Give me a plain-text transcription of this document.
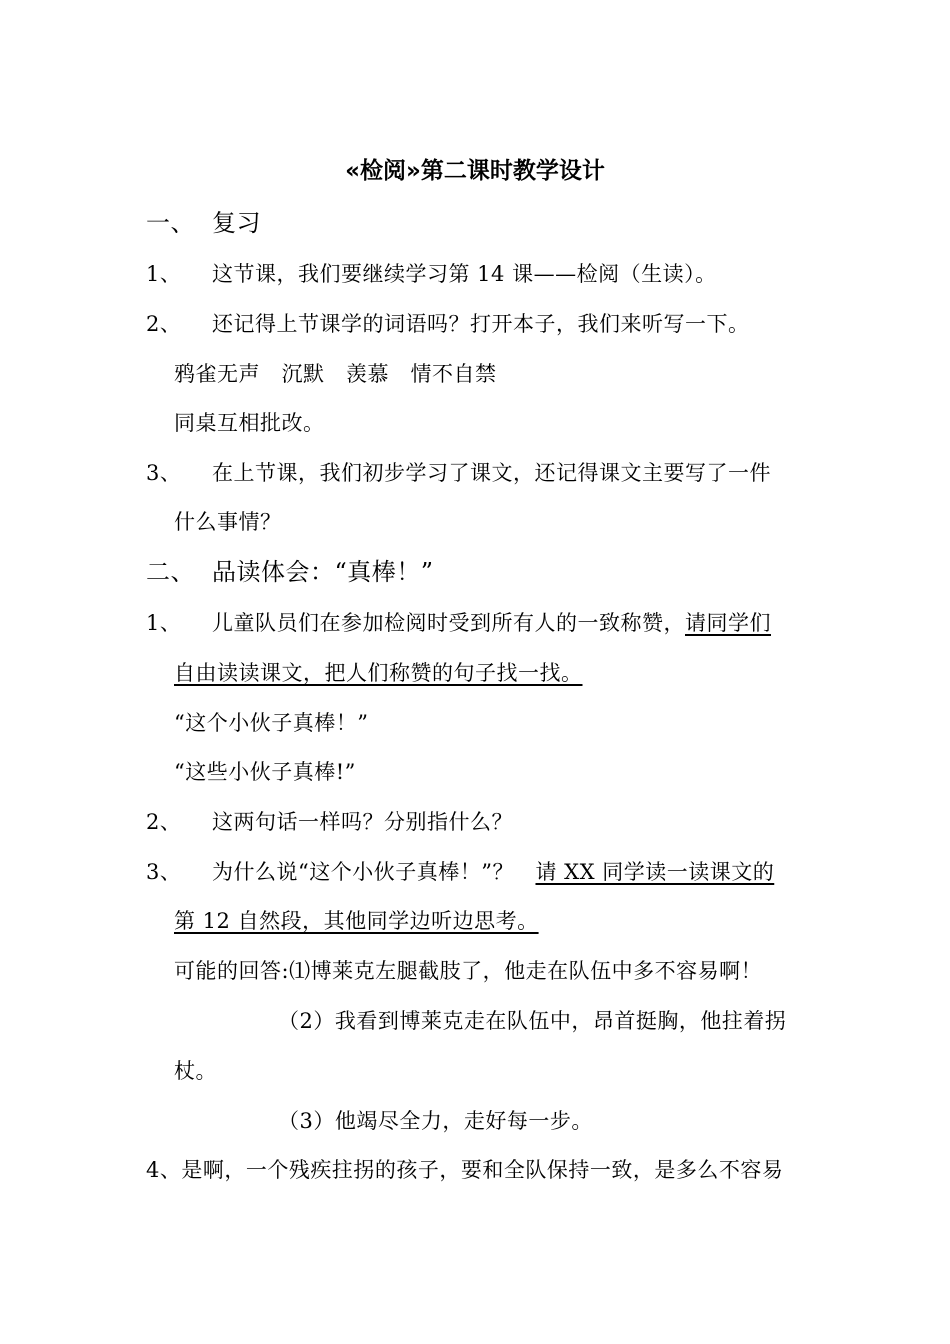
«检阅»第二课时教学设计
一、 复习
1、 这节课，我们要继续学习第 14 课——检阅（生读）。
2、 还记得上节课学的词语吗？打开本子，我们来听写一下。
鸦雀无声　沉默　羡慕　情不自禁
同桌互相批改。
3、 在上节课，我们初步学习了课文，还记得课文主要写了一件
什么事情？
二、 品读体会：“真棒！”
1、 儿童队员们在参加检阅时受到所有人的一致称赞，请同学们
自由读读课文，把人们称赞的句子找一找。
“这个小伙子真棒！”
“这些小伙子真棒!”
2、 这两句话一样吗？分别指什么？
3、 为什么说“这个小伙子真棒！”？　请 XX 同学读一读课文的
第 12 自然段，其他同学边听边思考。
可能的回答:⑴博莱克左腿截肢了，他走在队伍中多不容易啊！
（2）我看到博莱克走在队伍中，昂首挺胸，他拄着拐
杖。
（3）他竭尽全力，走好每一步。
4、是啊，一个残疾拄拐的孩子，要和全队保持一致，是多么不容易
